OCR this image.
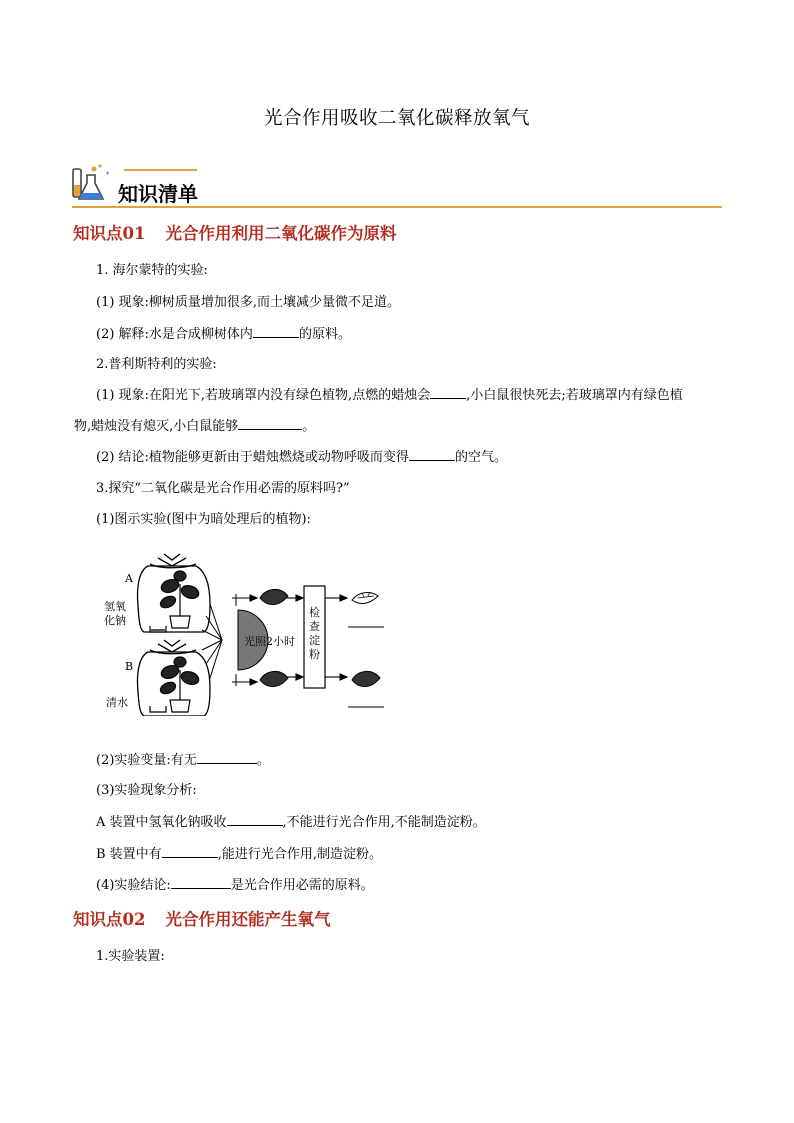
光合作用吸收二氧化碳释放氧气
知识清单
知识点01 光合作用利用二氧化碳作为原料
1. 海尔蒙特的实验:
(1) 现象:柳树质量增加很多,而土壤减少量微不足道。
(2) 解释:水是合成柳树体内	的原料。
2.普利斯特利的实验:
(1) 现象:在阳光下,若玻璃罩内没有绿色植物,点燃的蜡烛会	,小白鼠很快死去;若玻璃罩内有绿色植
物,蜡烛没有熄灭,小白鼠能够	。
(2) 结论:植物能够更新由于蜡烛燃烧或动物呼吸而变得	的空气。
3.探究“二氧化碳是光合作用必需的原料吗?”
(1)图示实验(图中为暗处理后的植物):
A
氢氧
化钠
B
清水
光照2小时
检
查
淀
粉
(2)实验变量:有无	。
(3)实验现象分析:
A 装置中氢氧化钠吸收	,不能进行光合作用,不能制造淀粉。
B 装置中有	,能进行光合作用,制造淀粉。
(4)实验结论:	是光合作用必需的原料。
知识点02 光合作用还能产生氧气
1.实验装置:
